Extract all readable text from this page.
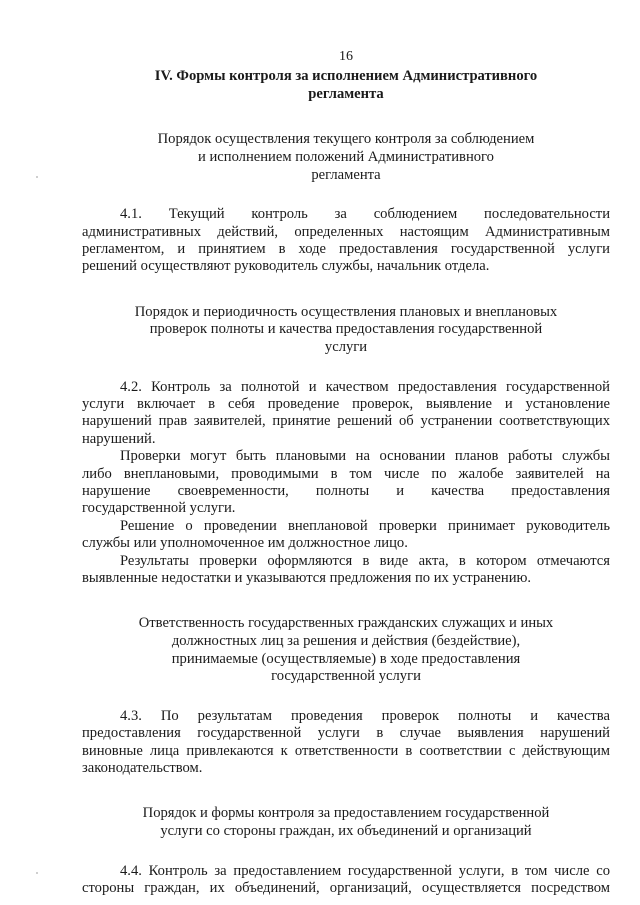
16
IV. Формы контроля за исполнением Административного
регламента
Порядок осуществления текущего контроля за соблюдением
и исполнением положений Административного
регламента
4.1. Текущий контроль за соблюдением последовательности
административных действий, определенных настоящим Административным
регламентом, и принятием в ходе предоставления государственной услуги
решений осуществляют руководитель службы, начальник отдела.
Порядок и периодичность осуществления плановых и внеплановых
проверок полноты и качества предоставления государственной
услуги
4.2. Контроль за полнотой и качеством предоставления государственной
услуги включает в себя проведение проверок, выявление и установление
нарушений прав заявителей, принятие решений об устранении соответствующих
нарушений.
Проверки могут быть плановыми на основании планов работы службы
либо внеплановыми, проводимыми в том числе по жалобе заявителей на
нарушение своевременности, полноты и качества предоставления
государственной услуги.
Решение о проведении внеплановой проверки принимает руководитель
службы или уполномоченное им должностное лицо.
Результаты проверки оформляются в виде акта, в котором отмечаются
выявленные недостатки и указываются предложения по их устранению.
Ответственность государственных гражданских служащих и иных
должностных лиц за решения и действия (бездействие),
принимаемые (осуществляемые) в ходе предоставления
государственной услуги
4.3. По результатам проведения проверок полноты и качества
предоставления государственной услуги в случае выявления нарушений
виновные лица привлекаются к ответственности в соответствии с действующим
законодательством.
Порядок и формы контроля за предоставлением государственной
услуги со стороны граждан, их объединений и организаций
4.4. Контроль за предоставлением государственной услуги, в том числе со
стороны граждан, их объединений, организаций, осуществляется посредством
